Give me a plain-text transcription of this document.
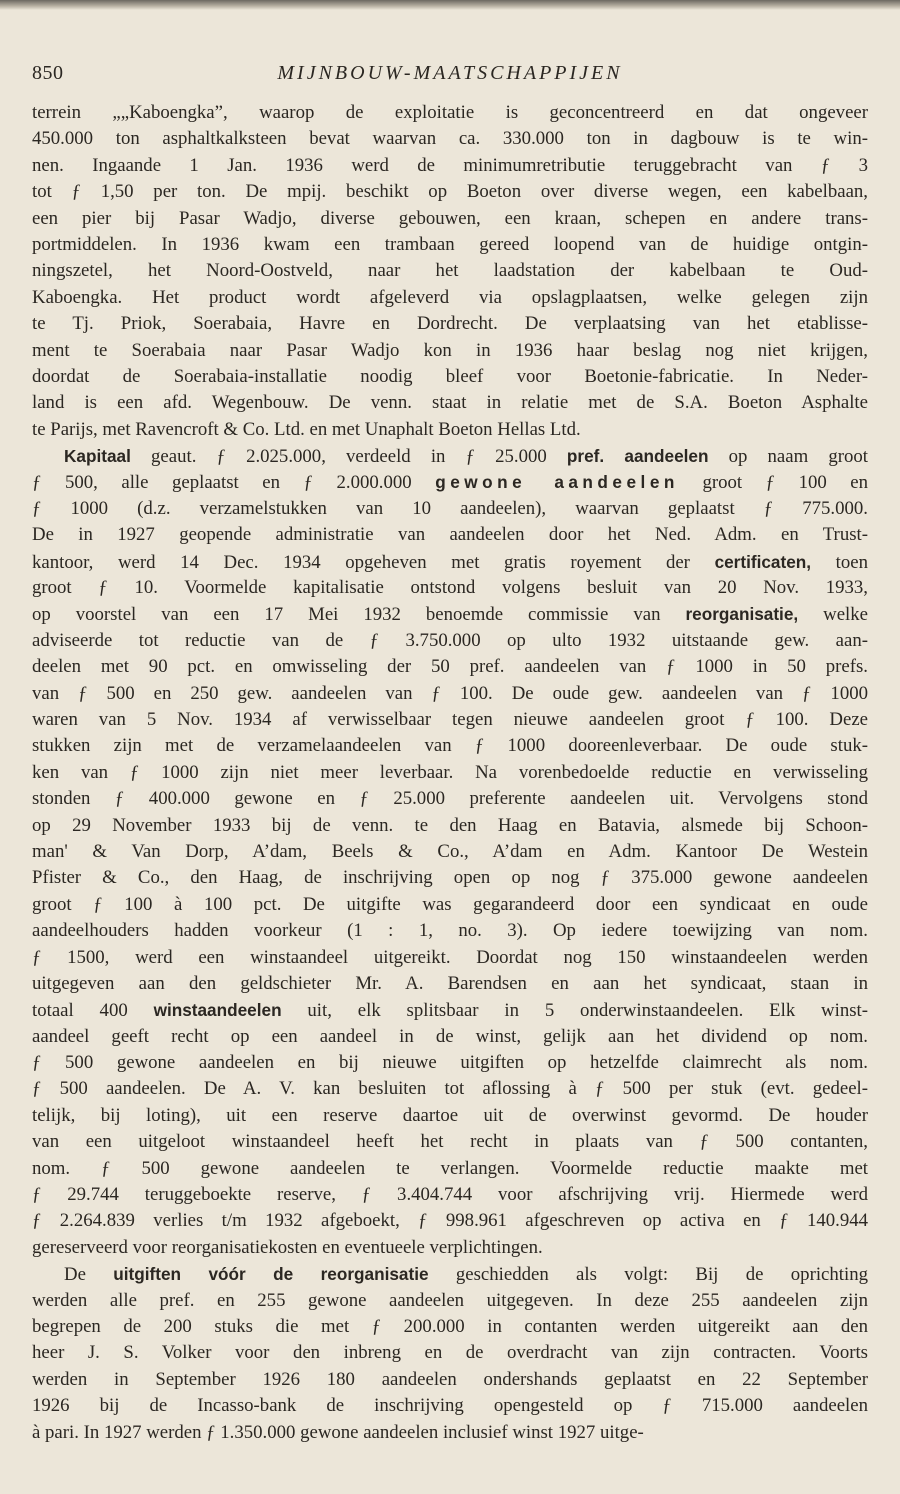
MIJNBOUW-MAATSCHAPPIJEN
850
terrein „„Kaboengka”, waarop de exploitatie is geconcentreerd en dat ongeveer
450.000 ton asphaltkalksteen bevat waarvan ca. 330.000 ton in dagbouw is te win-
nen. Ingaande 1 Jan. 1936 werd de minimumretributie teruggebracht van ƒ 3
tot ƒ 1,50 per ton. De mpij. beschikt op Boeton over diverse wegen, een kabelbaan,
een pier bij Pasar Wadjo, diverse gebouwen, een kraan, schepen en andere trans-
portmiddelen. In 1936 kwam een trambaan gereed loopend van de huidige ontgin-
ningszetel, het Noord-Oostveld, naar het laadstation der kabelbaan te Oud-
Kaboengka. Het product wordt afgeleverd via opslagplaatsen, welke gelegen zijn
te Tj. Priok, Soerabaia, Havre en Dordrecht. De verplaatsing van het etablisse-
ment te Soerabaia naar Pasar Wadjo kon in 1936 haar beslag nog niet krijgen,
doordat de Soerabaia-installatie noodig bleef voor Boetonie-fabricatie. In Neder-
land is een afd. Wegenbouw. De venn. staat in relatie met de S.A. Boeton Asphalte
te Parijs, met Ravencroft & Co. Ltd. en met Unaphalt Boeton Hellas Ltd.
Kapitaal geaut. ƒ 2.025.000, verdeeld in ƒ 25.000 pref. aandeelen op naam groot
ƒ 500, alle geplaatst en ƒ 2.000.000 gewone aandeelen groot ƒ 100 en
ƒ 1000 (d.z. verzamelstukken van 10 aandeelen), waarvan geplaatst ƒ 775.000.
De in 1927 geopende administratie van aandeelen door het Ned. Adm. en Trust-
kantoor, werd 14 Dec. 1934 opgeheven met gratis royement der certificaten, toen
groot ƒ 10. Voormelde kapitalisatie ontstond volgens besluit van 20 Nov. 1933,
op voorstel van een 17 Mei 1932 benoemde commissie van reorganisatie, welke
adviseerde tot reductie van de ƒ 3.750.000 op ulto 1932 uitstaande gew. aan-
deelen met 90 pct. en omwisseling der 50 pref. aandeelen van ƒ 1000 in 50 prefs.
van ƒ 500 en 250 gew. aandeelen van ƒ 100. De oude gew. aandeelen van ƒ 1000
waren van 5 Nov. 1934 af verwisselbaar tegen nieuwe aandeelen groot ƒ 100. Deze
stukken zijn met de verzamelaandeelen van ƒ 1000 dooreenleverbaar. De oude stuk-
ken van ƒ 1000 zijn niet meer leverbaar. Na vorenbedoelde reductie en verwisseling
stonden ƒ 400.000 gewone en ƒ 25.000 preferente aandeelen uit. Vervolgens stond
op 29 November 1933 bij de venn. te den Haag en Batavia, alsmede bij Schoon-
man' & Van Dorp, A’dam, Beels & Co., A’dam en Adm. Kantoor De Westein
Pfister & Co., den Haag, de inschrijving open op nog ƒ 375.000 gewone aandeelen
groot ƒ 100 à 100 pct. De uitgifte was gegarandeerd door een syndicaat en oude
aandeelhouders hadden voorkeur (1 : 1, no. 3). Op iedere toewijzing van nom.
ƒ 1500, werd een winstaandeel uitgereikt. Doordat nog 150 winstaandeelen werden
uitgegeven aan den geldschieter Mr. A. Barendsen en aan het syndicaat, staan in
totaal 400 winstaandeelen uit, elk splitsbaar in 5 onderwinstaandeelen. Elk winst-
aandeel geeft recht op een aandeel in de winst, gelijk aan het dividend op nom.
ƒ 500 gewone aandeelen en bij nieuwe uitgiften op hetzelfde claimrecht als nom.
ƒ 500 aandeelen. De A. V. kan besluiten tot aflossing à ƒ 500 per stuk (evt. gedeel-
telijk, bij loting), uit een reserve daartoe uit de overwinst gevormd. De houder
van een uitgeloot winstaandeel heeft het recht in plaats van ƒ 500 contanten,
nom. ƒ 500 gewone aandeelen te verlangen. Voormelde reductie maakte met
ƒ 29.744 teruggeboekte reserve, ƒ 3.404.744 voor afschrijving vrij. Hiermede werd
ƒ 2.264.839 verlies t/m 1932 afgeboekt, ƒ 998.961 afgeschreven op activa en ƒ 140.944
gereserveerd voor reorganisatiekosten en eventueele verplichtingen.
De uitgiften vóór de reorganisatie geschiedden als volgt: Bij de oprichting
werden alle pref. en 255 gewone aandeelen uitgegeven. In deze 255 aandeelen zijn
begrepen de 200 stuks die met ƒ 200.000 in contanten werden uitgereikt aan den
heer J. S. Volker voor den inbreng en de overdracht van zijn contracten. Voorts
werden in September 1926 180 aandeelen ondershands geplaatst en 22 September
1926 bij de Incasso-bank de inschrijving opengesteld op ƒ 715.000 aandeelen
à pari. In 1927 werden ƒ 1.350.000 gewone aandeelen inclusief winst 1927 uitge-
